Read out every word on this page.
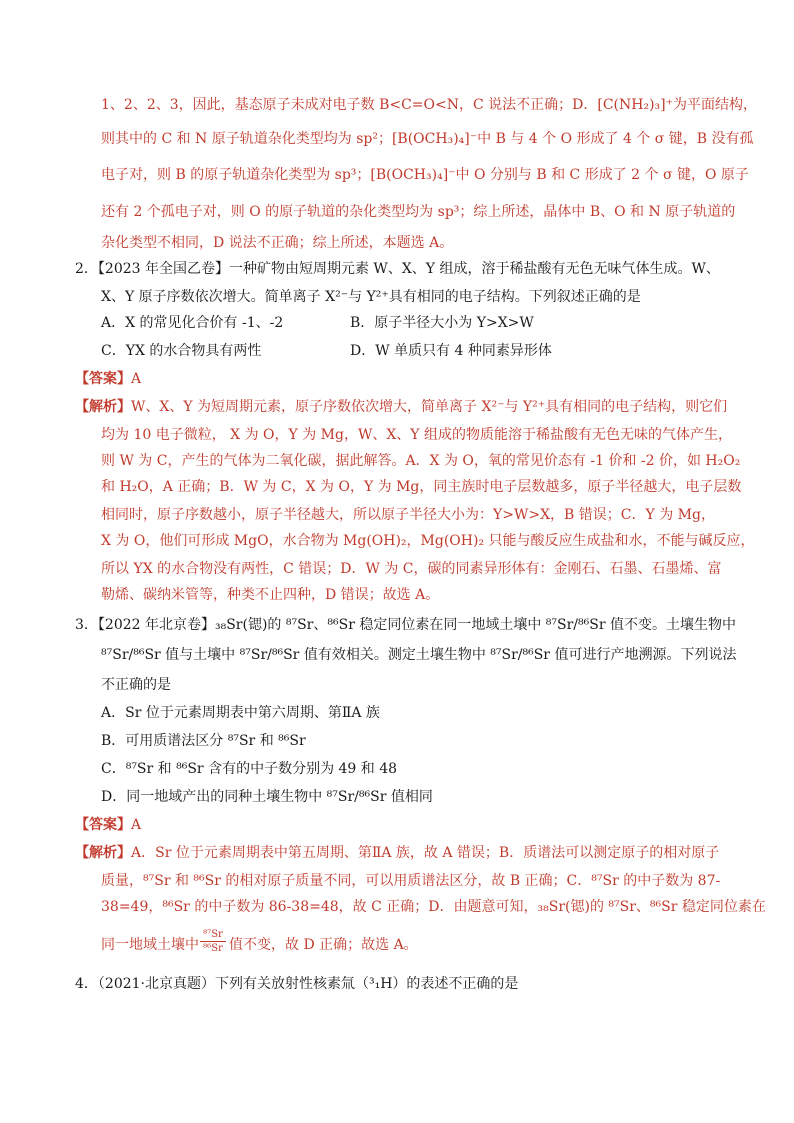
1、2、2、3，因此，基态原子未成对电子数 B<C=O<N，C 说法不正确；D．[C(NH₂)₃]⁺为平面结构，
则其中的 C 和 N 原子轨道杂化类型均为 sp²；[B(OCH₃)₄]⁻中 B 与 4 个 O 形成了 4 个 σ 键，B 没有孤
电子对，则 B 的原子轨道杂化类型为 sp³；[B(OCH₃)₄]⁻中 O 分别与 B 和 C 形成了 2 个 σ 键，O 原子
还有 2 个孤电子对，则 O 的原子轨道的杂化类型均为 sp³；综上所述，晶体中 B、O 和 N 原子轨道的
杂化类型不相同，D 说法不正确；综上所述，本题选 A。
2．【2023 年全国乙卷】一种矿物由短周期元素 W、X、Y 组成，溶于稀盐酸有无色无味气体生成。W、
X、Y 原子序数依次增大。简单离子 X²⁻与 Y²⁺具有相同的电子结构。下列叙述正确的是
A．X 的常见化合价有 -1、-2	B．原子半径大小为 Y>X>W
C．YX 的水合物具有两性	D．W 单质只有 4 种同素异形体
【答案】A
【解析】W、X、Y 为短周期元素，原子序数依次增大，简单离子 X²⁻与 Y²⁺具有相同的电子结构，则它们
均为 10 电子微粒， X 为 O，Y 为 Mg，W、X、Y 组成的物质能溶于稀盐酸有无色无味的气体产生，
则 W 为 C，产生的气体为二氧化碳，据此解答。A．X 为 O，氧的常见价态有 -1 价和 -2 价，如 H₂O₂
和 H₂O，A 正确；B．W 为 C，X 为 O，Y 为 Mg，同主族时电子层数越多，原子半径越大，电子层数
相同时，原子序数越小，原子半径越大，所以原子半径大小为：Y>W>X，B 错误；C．Y 为 Mg，
X 为 O，他们可形成 MgO，水合物为 Mg(OH)₂，Mg(OH)₂ 只能与酸反应生成盐和水，不能与碱反应，
所以 YX 的水合物没有两性，C 错误；D．W 为 C，碳的同素异形体有：金刚石、石墨、石墨烯、富
勒烯、碳纳米管等，种类不止四种，D 错误；故选 A。
3．【2022 年北京卷】₃₈Sr(锶)的 ⁸⁷Sr、⁸⁶Sr 稳定同位素在同一地域土壤中 ⁸⁷Sr/⁸⁶Sr 值不变。土壤生物中
⁸⁷Sr/⁸⁶Sr 值与土壤中 ⁸⁷Sr/⁸⁶Sr 值有效相关。测定土壤生物中 ⁸⁷Sr/⁸⁶Sr 值可进行产地溯源。下列说法
不正确的是
A．Sr 位于元素周期表中第六周期、第ⅡA 族
B．可用质谱法区分 ⁸⁷Sr 和 ⁸⁶Sr
C．⁸⁷Sr 和 ⁸⁶Sr 含有的中子数分别为 49 和 48
D．同一地域产出的同种土壤生物中 ⁸⁷Sr/⁸⁶Sr 值相同
【答案】A
【解析】A．Sr 位于元素周期表中第五周期、第ⅡA 族，故 A 错误；B．质谱法可以测定原子的相对原子
质量，⁸⁷Sr 和 ⁸⁶Sr 的相对原子质量不同，可以用质谱法区分，故 B 正确；C．⁸⁷Sr 的中子数为 87-
38=49，⁸⁶Sr 的中子数为 86-38=48，故 C 正确；D．由题意可知，₃₈Sr(锶)的 ⁸⁷Sr、⁸⁶Sr 稳定同位素在
同一地域土壤中
⁸⁷Sr
⁸⁶Sr 值不变，故 D 正确；故选 A。
4．（2021·北京真题）下列有关放射性核素氚（³₁H）的表述不正确的是
